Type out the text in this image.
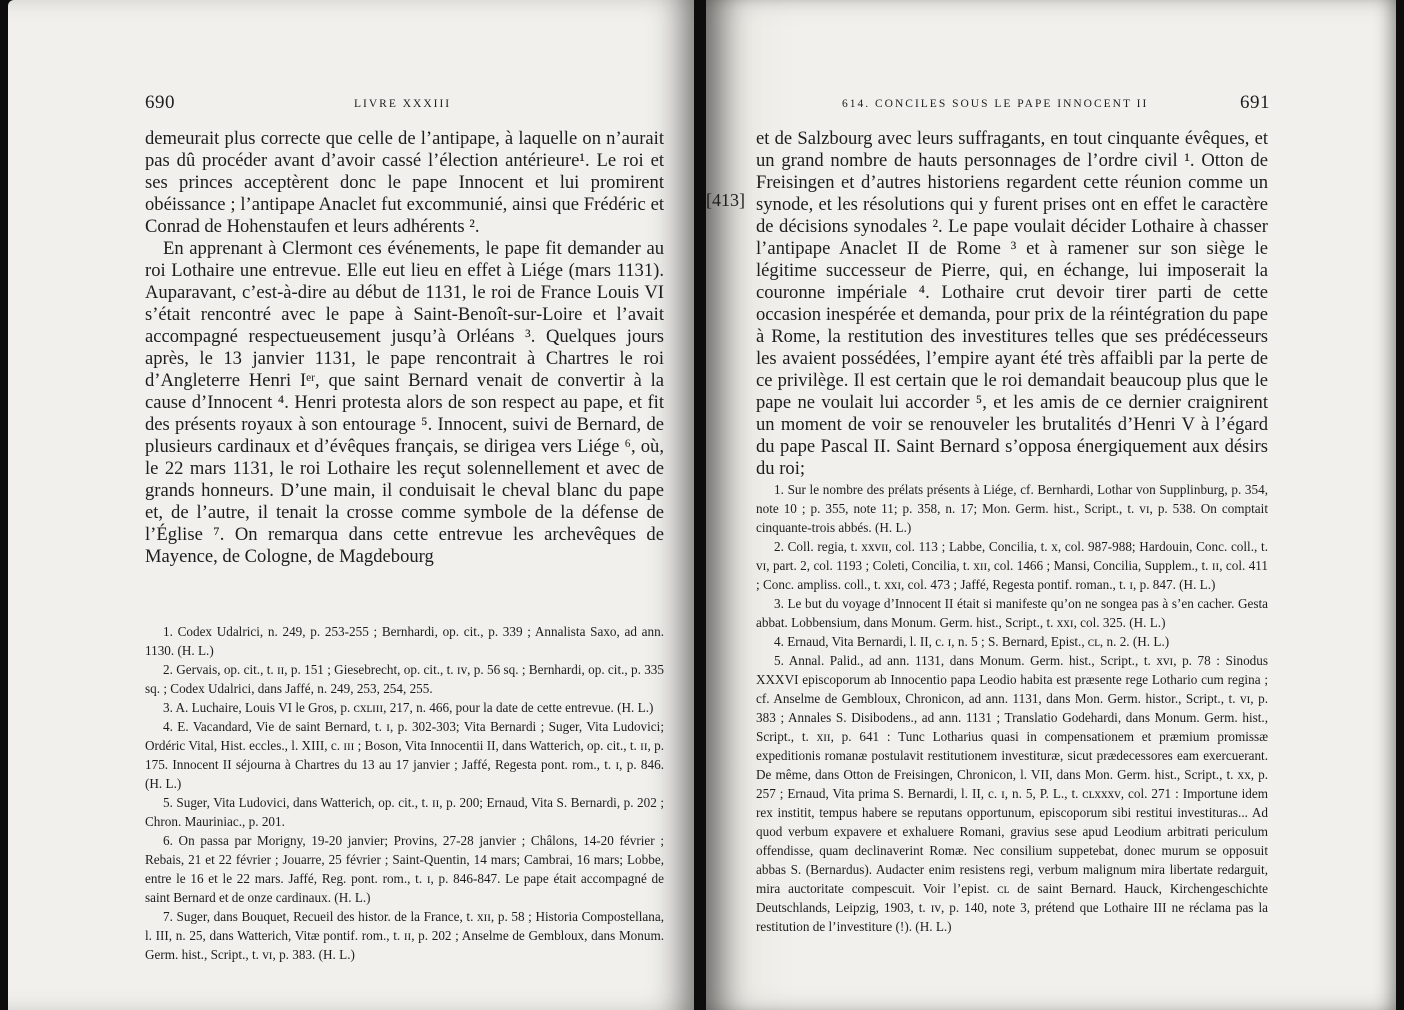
690	LIVRE XXXIII

demeurait plus correcte que celle de l’antipape, à laquelle on n’aurait pas dû procéder avant d’avoir cassé l’élection antérieure¹. Le roi et ses princes acceptèrent donc le pape Innocent et lui promirent obéissance ; l’antipape Anaclet fut excommunié, ainsi que Frédéric et Conrad de Hohenstaufen et leurs adhérents ².

En apprenant à Clermont ces événements, le pape fit demander au roi Lothaire une entrevue. Elle eut lieu en effet à Liége (mars 1131). Auparavant, c’est-à-dire au début de 1131, le roi de France Louis VI s’était rencontré avec le pape à Saint-Benoît-sur-Loire et l’avait accompagné respectueusement jusqu’à Orléans ³. Quelques jours après, le 13 janvier 1131, le pape rencontrait à Chartres le roi d’Angleterre Henri Iᵉʳ, que saint Bernard venait de convertir à la cause d’Innocent ⁴. Henri protesta alors de son respect au pape, et fit des présents royaux à son entourage ⁵. Innocent, suivi de Bernard, de plusieurs cardinaux et d’évêques français, se dirigea vers Liége ⁶, où, le 22 mars 1131, le roi Lothaire les reçut solennellement et avec de grands honneurs. D’une main, il conduisait le cheval blanc du pape et, de l’autre, il tenait la crosse comme symbole de la défense de l’Église ⁷. On remarqua dans cette entrevue les archevêques de Mayence, de Cologne, de Magdebourg

1. Codex Udalrici, n. 249, p. 253-255 ; Bernhardi, op. cit., p. 339 ; Annalista Saxo, ad ann. 1130. (H. L.)

2. Gervais, op. cit., t. ɪɪ, p. 151 ; Giesebrecht, op. cit., t. ɪᴠ, p. 56 sq. ; Bernhardi, op. cit., p. 335 sq. ; Codex Udalrici, dans Jaffé, n. 249, 253, 254, 255.

3. A. Luchaire, Louis VI le Gros, p. ᴄxʟɪɪɪ, 217, n. 466, pour la date de cette entrevue. (H. L.)

4. E. Vacandard, Vie de saint Bernard, t. ɪ, p. 302-303; Vita Bernardi ; Suger, Vita Ludovici; Ordéric Vital, Hist. eccles., l. XIII, c. ɪɪɪ ; Boson, Vita Innocentii II, dans Watterich, op. cit., t. ɪɪ, p. 175. Innocent II séjourna à Chartres du 13 au 17 janvier ; Jaffé, Regesta pont. rom., t. ɪ, p. 846. (H. L.)

5. Suger, Vita Ludovici, dans Watterich, op. cit., t. ɪɪ, p. 200; Ernaud, Vita S. Bernardi, p. 202 ; Chron. Mauriniac., p. 201.

6. On passa par Morigny, 19-20 janvier; Provins, 27-28 janvier ; Châlons, 14-20 février ; Rebais, 21 et 22 février ; Jouarre, 25 février ; Saint-Quentin, 14 mars; Cambrai, 16 mars; Lobbe, entre le 16 et le 22 mars. Jaffé, Reg. pont. rom., t. ɪ, p. 846-847. Le pape était accompagné de saint Bernard et de onze cardinaux. (H. L.)

7. Suger, dans Bouquet, Recueil des histor. de la France, t. xɪɪ, p. 58 ; Historia Compostellana, l. III, n. 25, dans Watterich, Vitæ pontif. rom., t. ɪɪ, p. 202 ; Anselme de Gembloux, dans Monum. Germ. hist., Script., t. ᴠɪ, p. 383. (H. L.)

614. CONCILES SOUS LE PAPE INNOCENT II	691
[413]

et de Salzbourg avec leurs suffragants, en tout cinquante évêques, et un grand nombre de hauts personnages de l’ordre civil ¹. Otton de Freisingen et d’autres historiens regardent cette réunion comme un synode, et les résolutions qui y furent prises ont en effet le caractère de décisions synodales ². Le pape voulait décider Lothaire à chasser l’antipape Anaclet II de Rome ³ et à ramener sur son siège le légitime successeur de Pierre, qui, en échange, lui imposerait la couronne impériale ⁴. Lothaire crut devoir tirer parti de cette occasion inespérée et demanda, pour prix de la réintégration du pape à Rome, la restitution des investitures telles que ses prédécesseurs les avaient possédées, l’empire ayant été très affaibli par la perte de ce privilège. Il est certain que le roi demandait beaucoup plus que le pape ne voulait lui accorder ⁵, et les amis de ce dernier craignirent un moment de voir se renouveler les brutalités d’Henri V à l’égard du pape Pascal II. Saint Bernard s’opposa énergiquement aux désirs du roi;

1. Sur le nombre des prélats présents à Liége, cf. Bernhardi, Lothar von Supplinburg, p. 354, note 10 ; p. 355, note 11; p. 358, n. 17; Mon. Germ. hist., Script., t. ᴠɪ, p. 538. On comptait cinquante-trois abbés. (H. L.)

2. Coll. regia, t. xxᴠɪɪ, col. 113 ; Labbe, Concilia, t. x, col. 987-988; Hardouin, Conc. coll., t. ᴠɪ, part. 2, col. 1193 ; Coleti, Concilia, t. xɪɪ, col. 1466 ; Mansi, Concilia, Supplem., t. ɪɪ, col. 411 ; Conc. ampliss. coll., t. xxɪ, col. 473 ; Jaffé, Regesta pontif. roman., t. ɪ, p. 847. (H. L.)

3. Le but du voyage d’Innocent II était si manifeste qu’on ne songea pas à s’en cacher. Gesta abbat. Lobbensium, dans Monum. Germ. hist., Script., t. xxɪ, col. 325. (H. L.)

4. Ernaud, Vita Bernardi, l. II, c. ɪ, n. 5 ; S. Bernard, Epist., ᴄʟ, n. 2. (H. L.)

5. Annal. Palid., ad ann. 1131, dans Monum. Germ. hist., Script., t. xᴠɪ, p. 78 : Sinodus XXXVI episcoporum ab Innocentio papa Leodio habita est præsente rege Lothario cum regina ; cf. Anselme de Gembloux, Chronicon, ad ann. 1131, dans Mon. Germ. histor., Script., t. ᴠɪ, p. 383 ; Annales S. Disibodens., ad ann. 1131 ; Translatio Godehardi, dans Monum. Germ. hist., Script., t. xɪɪ, p. 641 : Tunc Lotharius quasi in compensationem et præmium promissæ expeditionis romanæ postulavit restitutionem investituræ, sicut prædecessores eam exercuerant. De même, dans Otton de Freisingen, Chronicon, l. VII, dans Mon. Germ. hist., Script., t. xx, p. 257 ; Ernaud, Vita prima S. Bernardi, l. II, c. ɪ, n. 5, P. L., t. ᴄʟxxxᴠ, col. 271 : Importune idem rex institit, tempus habere se reputans opportunum, episcoporum sibi restitui investituras... Ad quod verbum expavere et exhaluere Romani, gravius sese apud Leodium arbitrati periculum offendisse, quam declinaverint Romæ. Nec consilium suppetebat, donec murum se opposuit abbas S. (Bernardus). Audacter enim resistens regi, verbum malignum mira libertate redarguit, mira auctoritate compescuit. Voir l’epist. ᴄʟ de saint Bernard. Hauck, Kirchengeschichte Deutschlands, Leipzig, 1903, t. ɪᴠ, p. 140, note 3, prétend que Lothaire III ne réclama pas la restitution de l’investiture (!). (H. L.)
